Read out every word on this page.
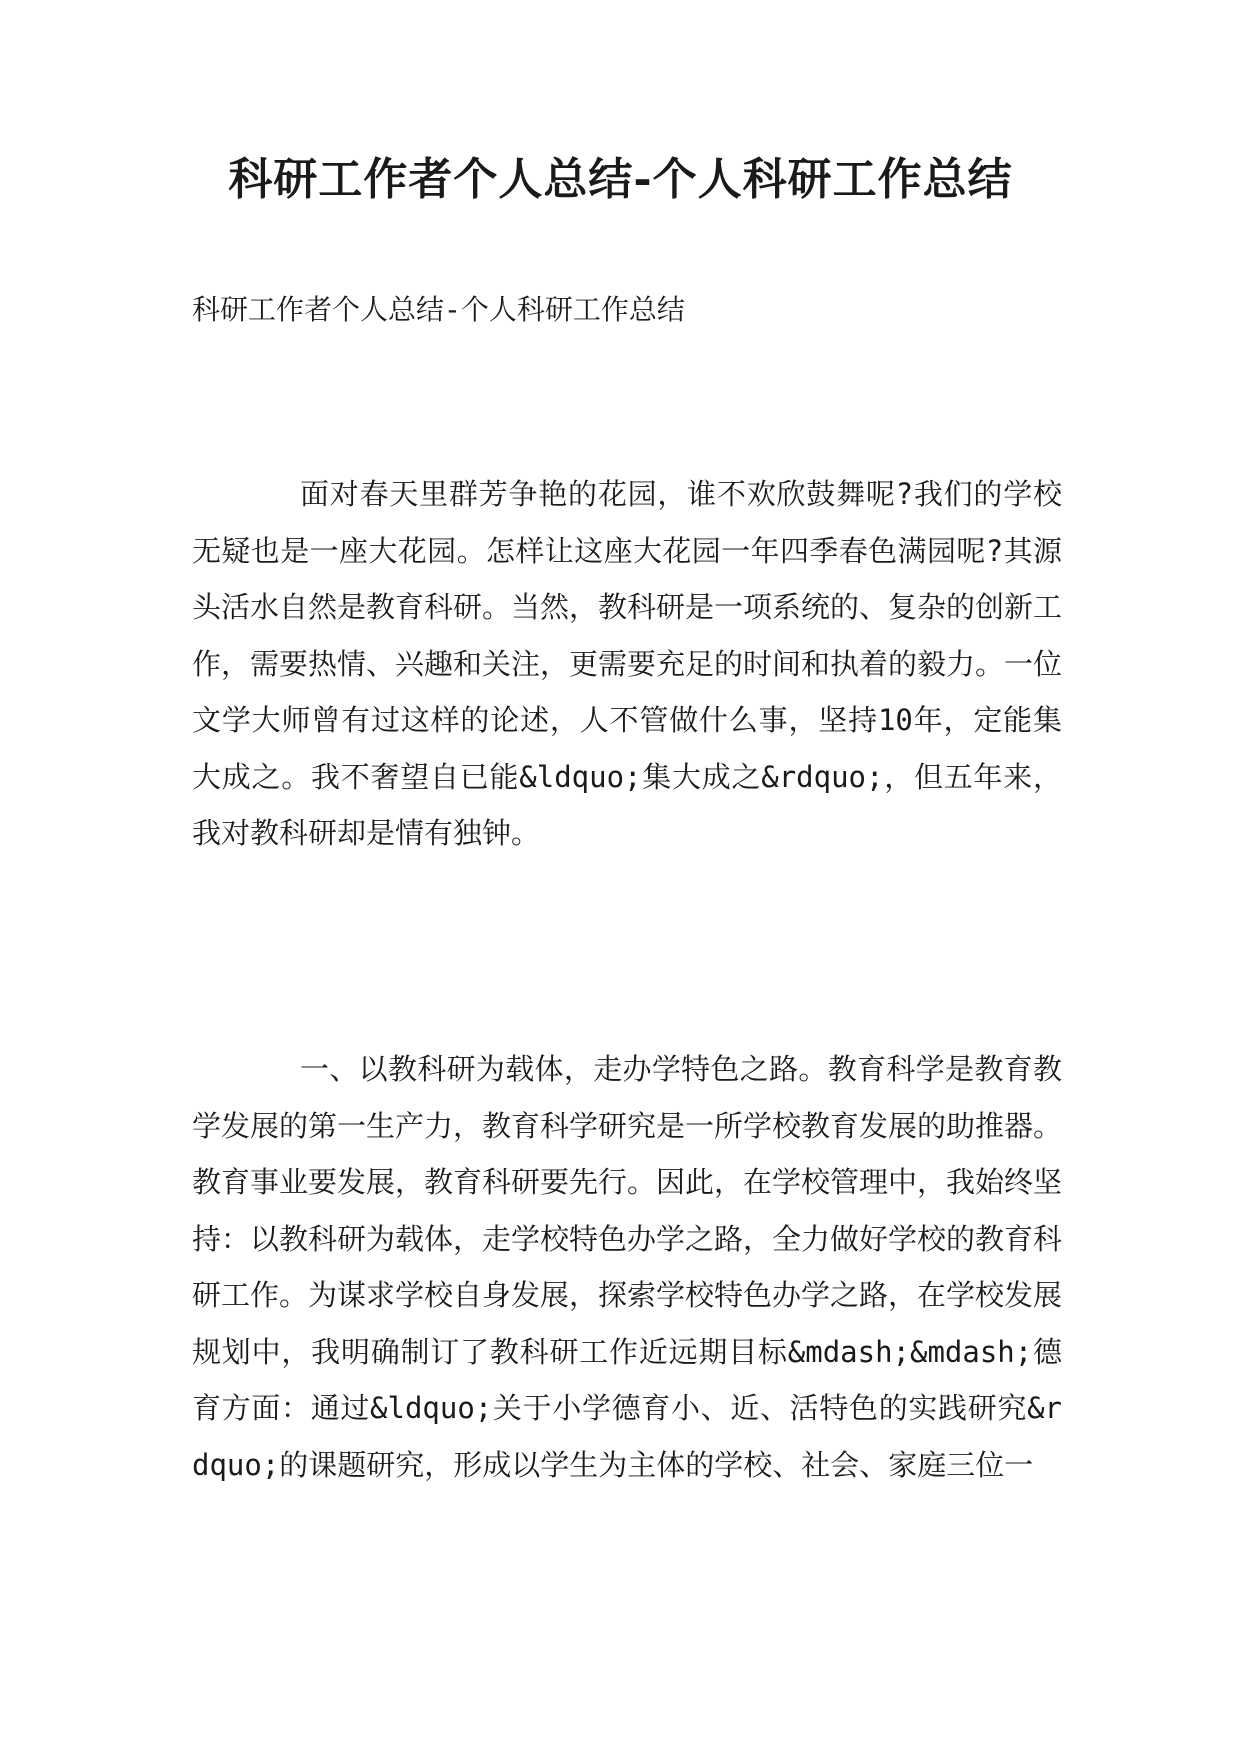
科研工作者个人总结-个人科研工作总结

科研工作者个人总结-个人科研工作总结

面对春天里群芳争艳的花园，谁不欢欣鼓舞呢?我们的学校无疑也是一座大花园。怎样让这座大花园一年四季春色满园呢?其源头活水自然是教育科研。当然，教科研是一项系统的、复杂的创新工作，需要热情、兴趣和关注，更需要充足的时间和执着的毅力。一位文学大师曾有过这样的论述，人不管做什么事，坚持10年，定能集大成之。我不奢望自已能&ldquo;集大成之&rdquo;，但五年来，我对教科研却是情有独钟。

一、以教科研为载体，走办学特色之路。教育科学是教育教学发展的第一生产力，教育科学研究是一所学校教育发展的助推器。教育事业要发展，教育科研要先行。因此，在学校管理中，我始终坚持：以教科研为载体，走学校特色办学之路，全力做好学校的教育科研工作。为谋求学校自身发展，探索学校特色办学之路，在学校发展规划中，我明确制订了教科研工作近远期目标&mdash;&mdash;德育方面：通过&ldquo;关于小学德育小、近、活特色的实践研究&rdquo;的课题研究，形成以学生为主体的学校、社会、家庭三位一
